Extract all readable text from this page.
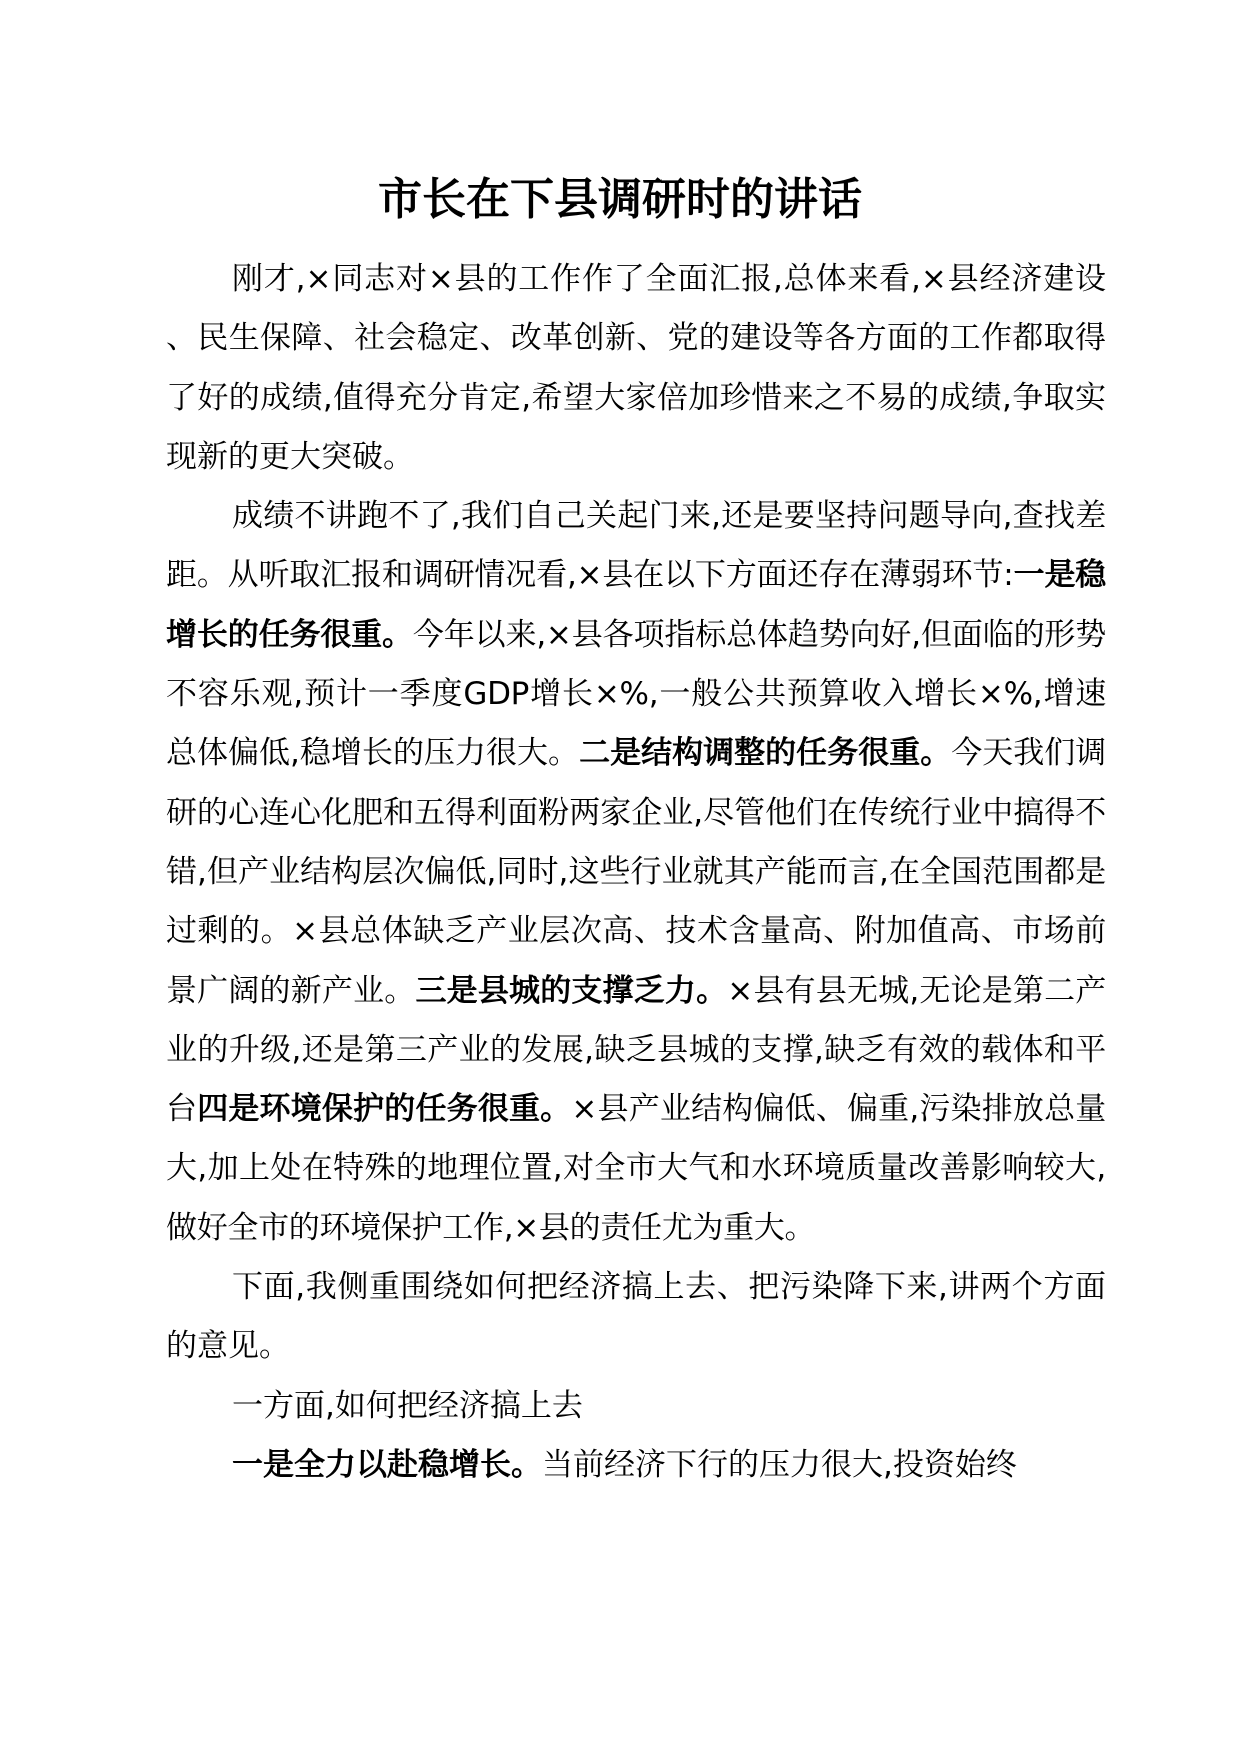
市长在下县调研时的讲话

刚才,×同志对×县的工作作了全面汇报,总体来看,×县经济建设、民生保障、社会稳定、改革创新、党的建设等各方面的工作都取得了好的成绩,值得充分肯定,希望大家倍加珍惜来之不易的成绩,争取实现新的更大突破。

成绩不讲跑不了,我们自己关起门来,还是要坚持问题导向,查找差距。从听取汇报和调研情况看,×县在以下方面还存在薄弱环节:一是稳增长的任务很重。今年以来,×县各项指标总体趋势向好,但面临的形势不容乐观,预计一季度GDP增长×%,一般公共预算收入增长×%,增速总体偏低,稳增长的压力很大。二是结构调整的任务很重。今天我们调研的心连心化肥和五得利面粉两家企业,尽管他们在传统行业中搞得不错,但产业结构层次偏低,同时,这些行业就其产能而言,在全国范围都是过剩的。×县总体缺乏产业层次高、技术含量高、附加值高、市场前景广阔的新产业。三是县城的支撑乏力。×县有县无城,无论是第二产业的升级,还是第三产业的发展,缺乏县城的支撑,缺乏有效的载体和平台四是环境保护的任务很重。×县产业结构偏低、偏重,污染排放总量大,加上处在特殊的地理位置,对全市大气和水环境质量改善影响较大,做好全市的环境保护工作,×县的责任尤为重大。

下面,我侧重围绕如何把经济搞上去、把污染降下来,讲两个方面的意见。

一方面,如何把经济搞上去

一是全力以赴稳增长。当前经济下行的压力很大,投资始终
